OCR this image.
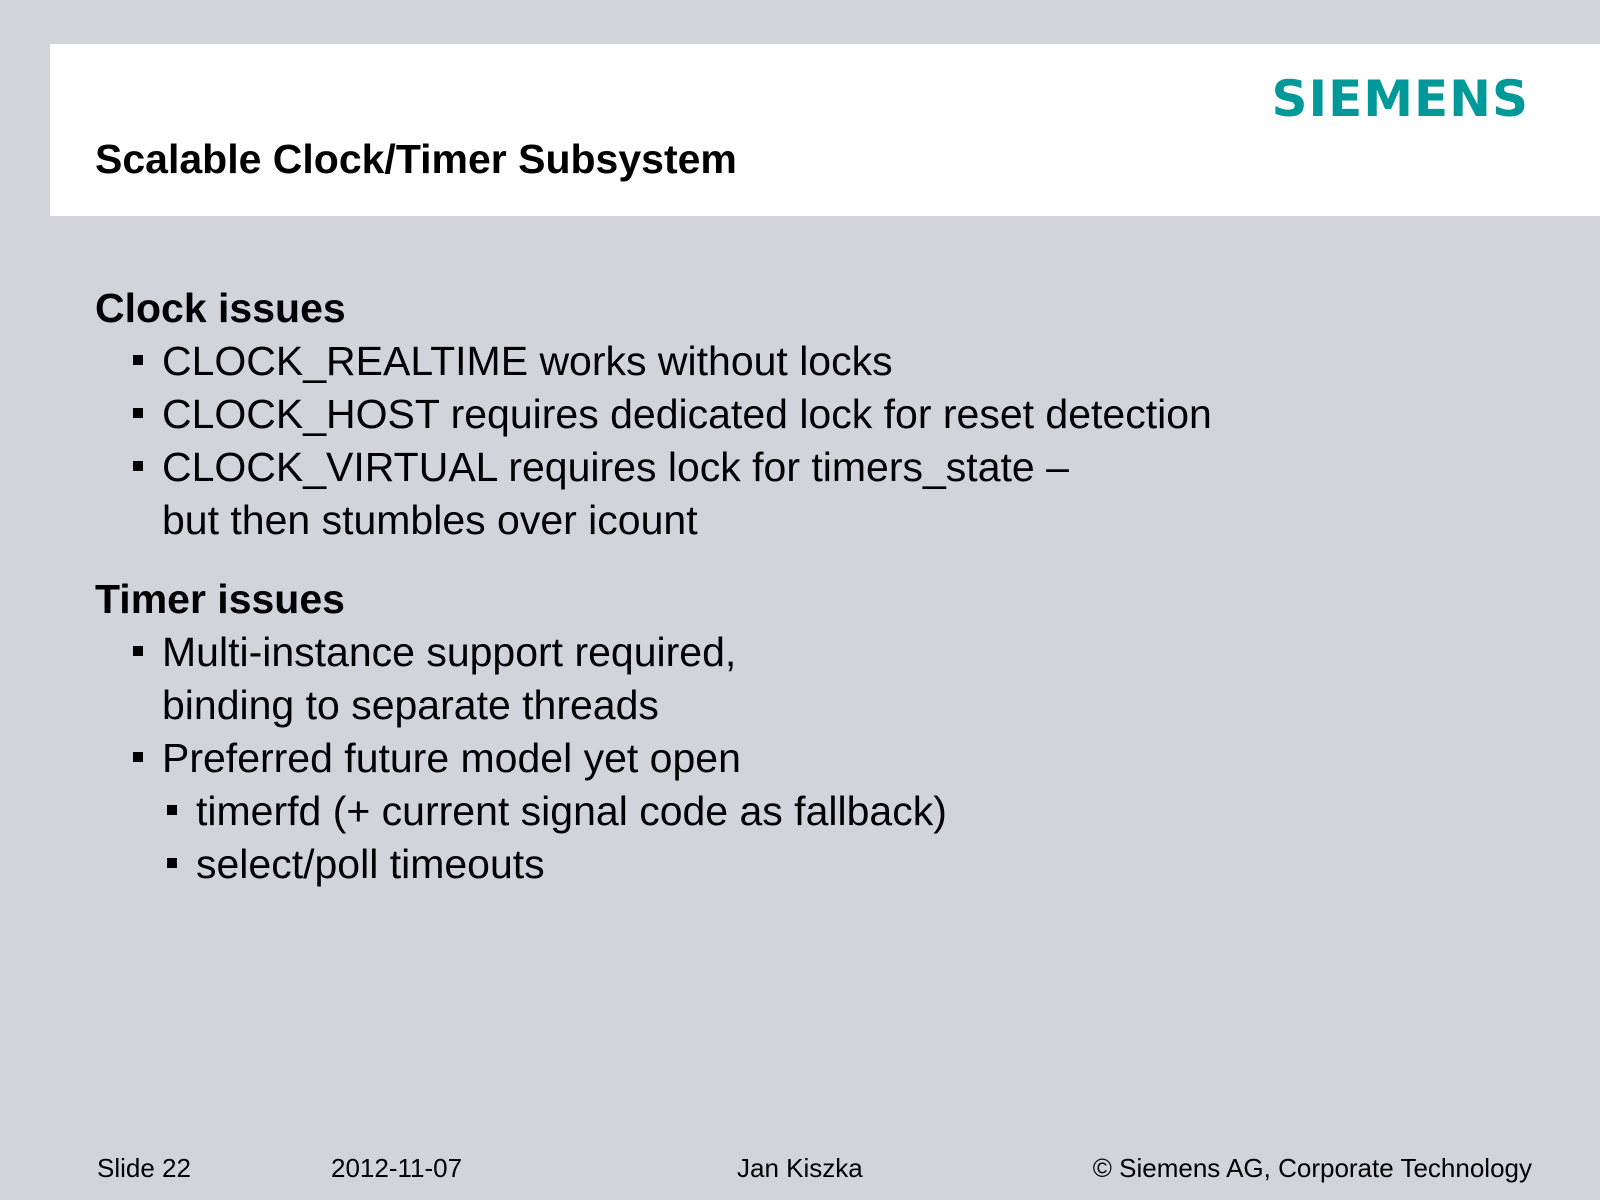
SIEMENS
Scalable Clock/Timer Subsystem
Clock issues
CLOCK_REALTIME works without locks
CLOCK_HOST requires dedicated lock for reset detection
CLOCK_VIRTUAL requires lock for timers_state –
but then stumbles over icount
Timer issues
Multi-instance support required,
binding to separate threads
Preferred future model yet open
timerfd (+ current signal code as fallback)
select/poll timeouts
Slide 22	2012-11-07	Jan Kiszka	© Siemens AG, Corporate Technology
